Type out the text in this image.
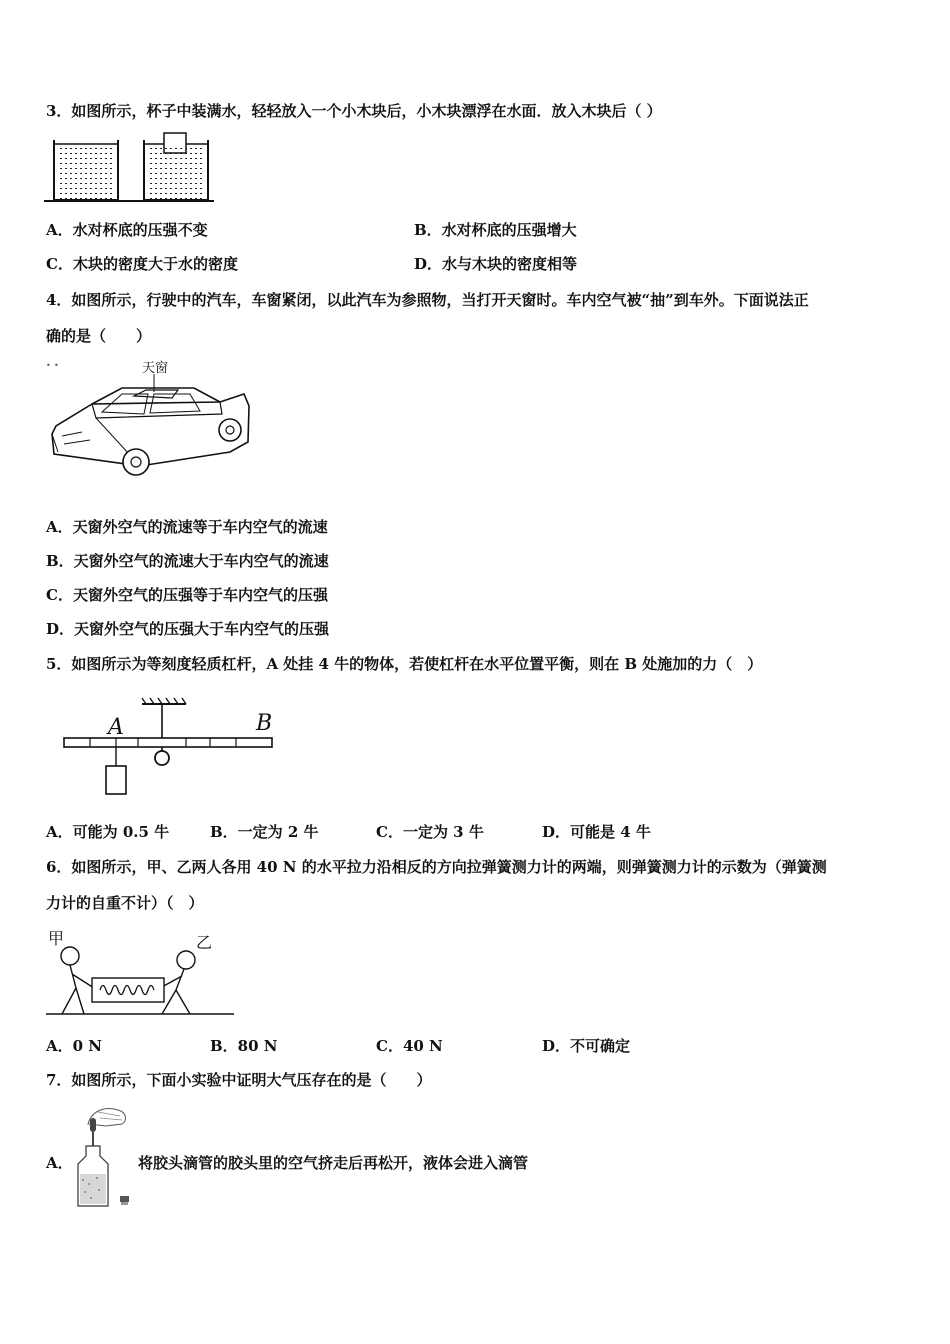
3．如图所示，杯子中装满水，轻轻放入一个小木块后，小木块漂浮在水面．放入木块后（ ）
A．水对杯底的压强不变	B．水对杯底的压强增大
C．木块的密度大于水的密度	D．水与木块的密度相等
4．如图所示，行驶中的汽车，车窗紧闭，以此汽车为参照物，当打开天窗时。车内空气被“抽”到车外。下面说法正
确的是（　　）
• •	天窗
A．天窗外空气的流速等于车内空气的流速
B．天窗外空气的流速大于车内空气的流速
C．天窗外空气的压强等于车内空气的压强
D．天窗外空气的压强大于车内空气的压强
5．如图所示为等刻度轻质杠杆，A 处挂 4 牛的物体，若使杠杆在水平位置平衡，则在 B 处施加的力（　）
A	B
A．可能为 0.5 牛	B．一定为 2 牛	C．一定为 3 牛	D．可能是 4 牛
6．如图所示，甲、乙两人各用 40 N 的水平拉力沿相反的方向拉弹簧测力计的两端，则弹簧测力计的示数为（弹簧测
力计的自重不计）（　）
甲	乙
A．0 N	B．80 N	C．40 N	D．不可确定
7．如图所示，下面小实验中证明大气压存在的是（　　）
A．	将胶头滴管的胶头里的空气挤走后再松开，液体会进入滴管
